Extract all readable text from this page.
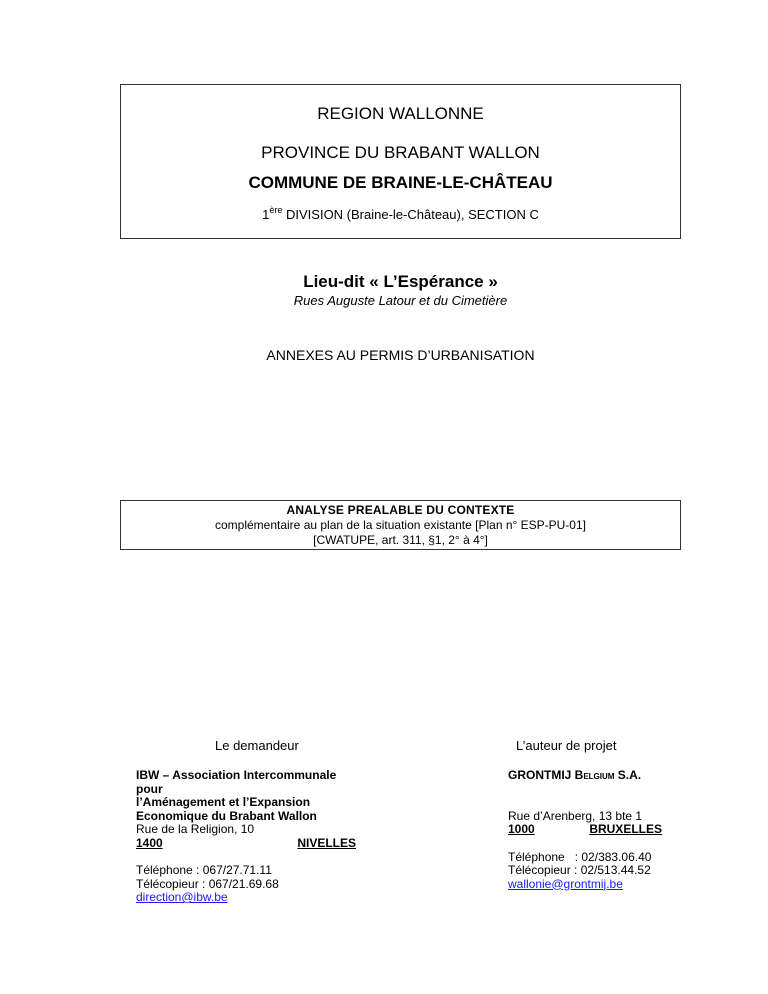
REGION WALLONNE
PROVINCE DU BRABANT WALLON
COMMUNE DE BRAINE-LE-CHÂTEAU
1ère DIVISION (Braine-le-Château), SECTION C
Lieu-dit « L’Espérance »
Rues Auguste Latour et du Cimetière
ANNEXES AU PERMIS D’URBANISATION
ANALYSE PREALABLE DU CONTEXTE
complémentaire au plan de la situation existante [Plan n° ESP-PU-01]
[CWATUPE, art. 311, §1, 2° à 4°]
Le demandeur
IBW – Association Intercommunale pour
l’Aménagement et l’Expansion
Economique du Brabant Wallon
Rue de la Religion, 10
1400	NIVELLES
Téléphone : 067/27.71.11
Télécopieur : 067/21.69.68
direction@ibw.be
L’auteur de projet
GRONTMIJ Belgium S.A.
Rue d’Arenberg, 13 bte 1
1000	BRUXELLES
Téléphone   : 02/383.06.40
Télécopieur : 02/513.44.52
wallonie@grontmij.be
